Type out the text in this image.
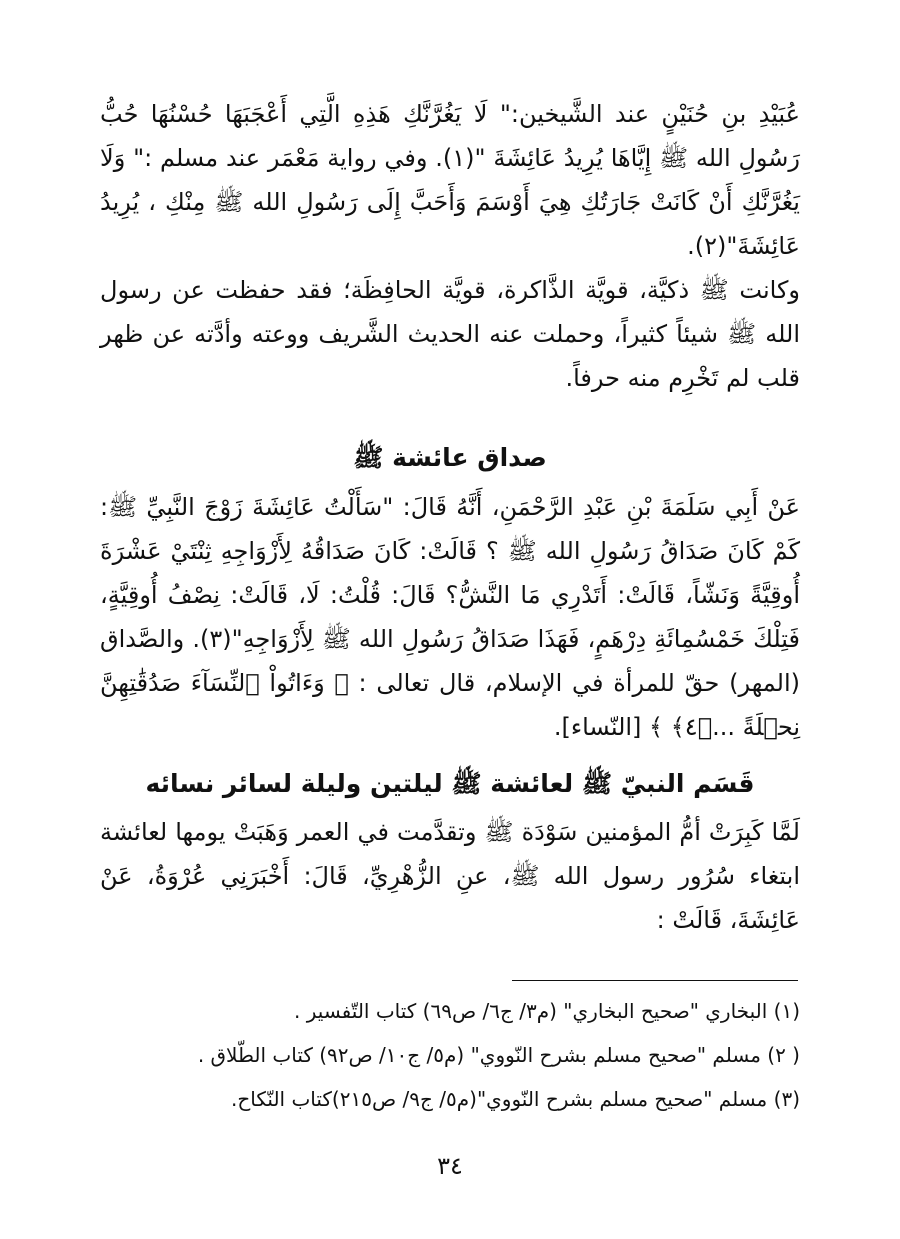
عُبَيْدِ بنِ حُنَيْنٍ عند الشَّيخين:" لَا يَغُرَّنَّكِ هَذِهِ الَّتِي أَعْجَبَهَا حُسْنُهَا حُبُّ رَسُولِ الله ﷺ إِيَّاهَا يُرِيدُ عَائِشَةَ "(١). وفي رواية مَعْمَر عند مسلم :" وَلَا يَغُرَّنَّكِ أَنْ كَانَتْ جَارَتُكِ هِيَ أَوْسَمَ وَأَحَبَّ إِلَى رَسُولِ الله ﷺ مِنْكِ ، يُرِيدُ عَائِشَةَ"(٢).

وكانت ﷺ ذكيَّة، قويَّة الذَّاكرة، قويَّة الحافِظَة؛ فقد حفظت عن رسول الله ﷺ شيئاً كثيراً، وحملت عنه الحديث الشَّريف ووعته وأدَّته عن ظهر قلب لم تَخْرِم منه حرفاً.

صداق عائشة ﷺ

عَنْ أَبِي سَلَمَةَ بْنِ عَبْدِ الرَّحْمَنِ، أَنَّهُ قَالَ: "سَأَلْتُ عَائِشَةَ زَوْجَ النَّبِيِّ ﷺ: كَمْ كَانَ صَدَاقُ رَسُولِ الله ﷺ ؟ قَالَتْ: كَانَ صَدَاقُهُ لِأَزْوَاجِهِ ثِنْتَيْ عَشْرَةَ أُوقِيَّةً وَنَشّاً، قَالَتْ: أَتَدْرِي مَا النَّشُّ؟ قَالَ: قُلْتُ: لَا، قَالَتْ: نِصْفُ أُوقِيَّةٍ، فَتِلْكَ خَمْسُمِائَةِ دِرْهَمٍ، فَهَذَا صَدَاقُ رَسُولِ الله ﷺ لِأَزْوَاجِهِ"(٣). والصَّداق (المهر) حقّ للمرأة في الإسلام، قال تعالى : ﴿ وَءَاتُواْ ٱلنِّسَآءَ صَدُقَٰتِهِنَّ نِحۡلَةً ...﴿٤﴾ ﴾ [النّساء].

قَسَم النبيّ ﷺ لعائشة ﷺ ليلتين وليلة لسائر نسائه

لَمَّا كَبِرَتْ أمُّ المؤمنين سَوْدَة ﷺ وتقدَّمت في العمر وَهَبَتْ يومها لعائشة ابتغاء سُرُور رسول الله ﷺ، عنِ الزُّهْرِيِّ، قَالَ: أَخْبَرَنِي عُرْوَةُ، عَنْ عَائِشَةَ، قَالَتْ :

(١) البخاري "صحيح البخاري" (م٣/ ج٦/ ص٦٩) كتاب التّفسير .

( ٢) مسلم "صحيح مسلم بشرح النّووي" (م٥/ ج١٠/ ص٩٢) كتاب الطّلاق .

(٣) مسلم "صحيح مسلم بشرح النّووي"(م٥/ ج٩/ ص٢١٥)كتاب النّكاح.

٣٤
